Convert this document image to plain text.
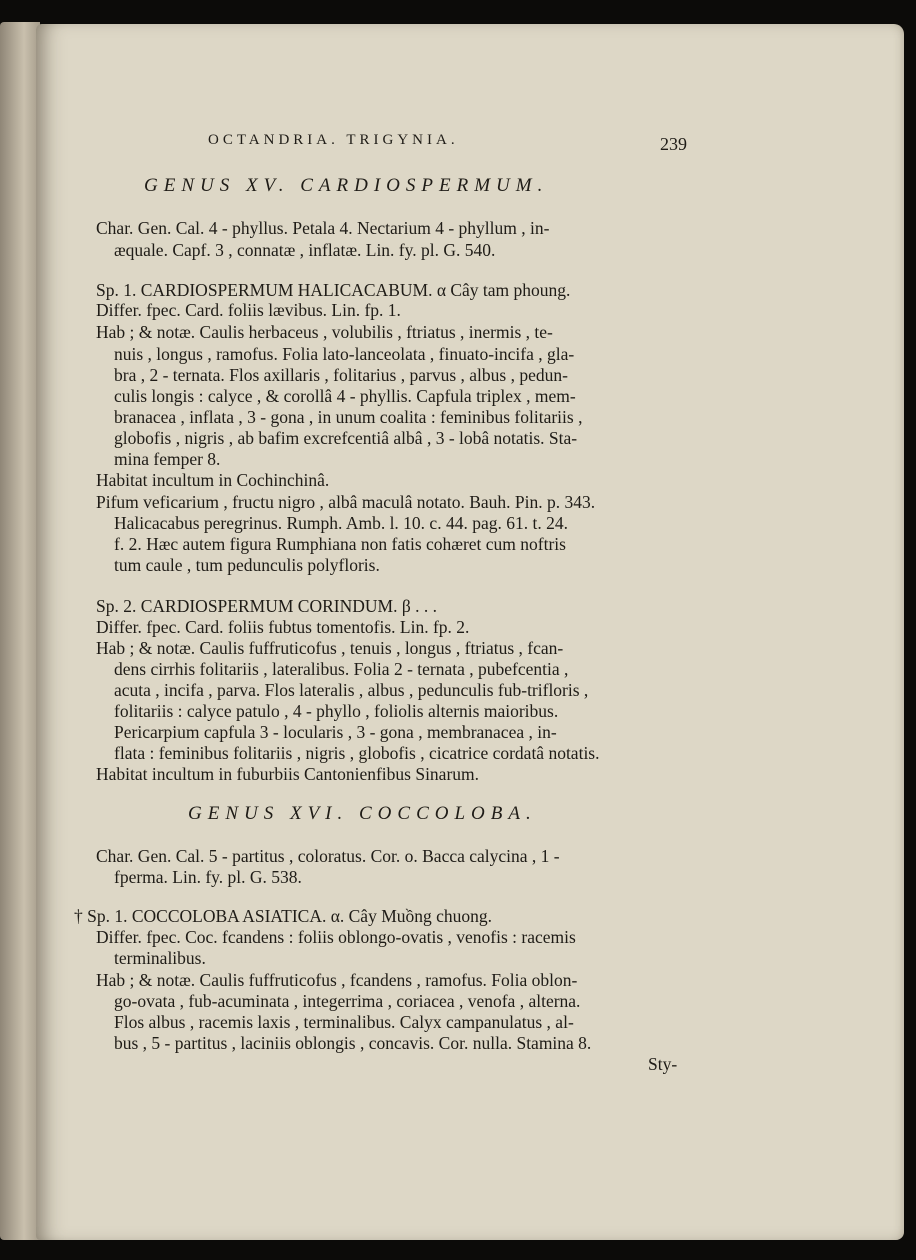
OCTANDRIA. TRIGYNIA.	239
GENUS XV. CARDIOSPERMUM.
Char. Gen. Cal. 4 - phyllus. Petala 4. Nectarium 4 - phyllum , in-
æquale. Capf. 3 , connatæ , inflatæ. Lin. fy. pl. G. 540.
Sp. 1. CARDIOSPERMUM HALICACABUM. α Cây tam phoung.
Differ. fpec. Card. foliis lævibus. Lin. fp. 1.
Hab ; & notæ. Caulis herbaceus , volubilis , ftriatus , inermis , te-
nuis , longus , ramofus. Folia lato-lanceolata , finuato-incifa , gla-
bra , 2 - ternata. Flos axillaris , folitarius , parvus , albus , pedun-
culis longis : calyce , & corollâ 4 - phyllis. Capfula triplex , mem-
branacea , inflata , 3 - gona , in unum coalita : feminibus folitariis ,
globofis , nigris , ab bafim excrefcentiâ albâ , 3 - lobâ notatis. Sta-
mina femper 8.
Habitat incultum in Cochinchinâ.
Pifum veficarium , fructu nigro , albâ maculâ notato. Bauh. Pin. p. 343.
Halicacabus peregrinus. Rumph. Amb. l. 10. c. 44. pag. 61. t. 24.
f. 2. Hæc autem figura Rumphiana non fatis cohæret cum noftris
tum caule , tum pedunculis polyfloris.
Sp. 2. CARDIOSPERMUM CORINDUM. β . . .
Differ. fpec. Card. foliis fubtus tomentofis. Lin. fp. 2.
Hab ; & notæ. Caulis fuffruticofus , tenuis , longus , ftriatus , fcan-
dens cirrhis folitariis , lateralibus. Folia 2 - ternata , pubefcentia ,
acuta , incifa , parva. Flos lateralis , albus , pedunculis fub-trifloris ,
folitariis : calyce patulo , 4 - phyllo , foliolis alternis maioribus.
Pericarpium capfula 3 - locularis , 3 - gona , membranacea , in-
flata : feminibus folitariis , nigris , globofis , cicatrice cordatâ notatis.
Habitat incultum in fuburbiis Cantonienfibus Sinarum.
GENUS XVI. COCCOLOBA.
Char. Gen. Cal. 5 - partitus , coloratus. Cor. o. Bacca calycina , 1 -
fperma. Lin. fy. pl. G. 538.
† Sp. 1. COCCOLOBA ASIATICA. α. Cây Muồng chuong.
Differ. fpec. Coc. fcandens : foliis oblongo-ovatis , venofis : racemis
terminalibus.
Hab ; & notæ. Caulis fuffruticofus , fcandens , ramofus. Folia oblon-
go-ovata , fub-acuminata , integerrima , coriacea , venofa , alterna.
Flos albus , racemis laxis , terminalibus. Calyx campanulatus , al-
bus , 5 - partitus , laciniis oblongis , concavis. Cor. nulla. Stamina 8.
Sty-
